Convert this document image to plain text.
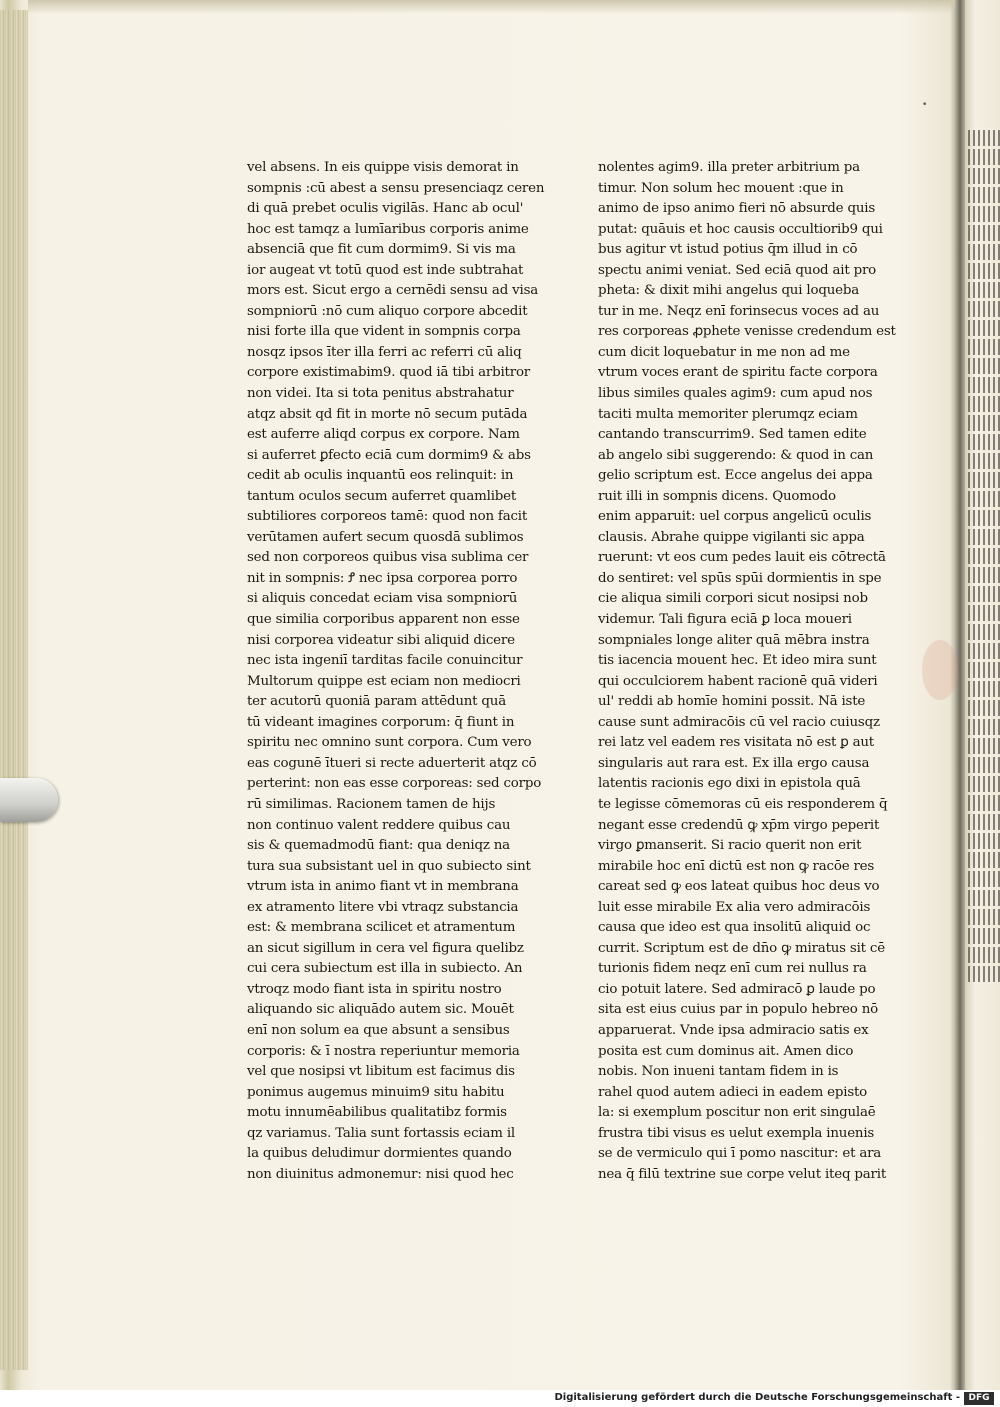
•
vel absens. In eis quippe visis demorat in
sompnis :cū abest a sensu presenciaqz ceren
di quā prebet oculis vigilās. Hanc ab ocul'
hoc est tamqz a lumīaribus corporis anime
absenciā que fit cum dormim9. Si vis ma
ior augeat vt totū quod est inde subtrahat
mors est. Sicut ergo a cernēdi sensu ad visa
sompniorū :nō cum aliquo corpore abcedit
nisi forte illa que vident in sompnis corpa
nosqz ipsos īter illa ferri ac referri cū aliq
corpore existimabim9. quod iā tibi arbitror
non videi. Ita si tota penitus abstrahatur
atqz absit qd fit in morte nō secum putāda
est auferre aliqd corpus ex corpore. Nam
si auferret ꝑfecto eciā cum dormim9 & abs
cedit ab oculis inquantū eos relinquit: in
tantum oculos secum auferret quamlibet
subtiliores corporeos tamē: quod non facit
verūtamen aufert secum quosdā sublimos
sed non corporeos quibus visa sublima cer
nit in sompnis: Ꝭ nec ipsa corporea porro
si aliquis concedat eciam visa sompniorū
que similia corporibus apparent non esse
nisi corporea videatur sibi aliquid dicere
nec ista ingeniī tarditas facile conuincitur
Multorum quippe est eciam non mediocri
ter acutorū quoniā param attēdunt quā
tū videant imagines corporum: q̄ fiunt in
spiritu nec omnino sunt corpora. Cum vero
eas cogunē ītueri si recte aduerterit atqz cō
perterint: non eas esse corporeas: sed corpo
rū similimas. Racionem tamen de hijs
non continuo valent reddere quibus cau
sis & quemadmodū fiant: qua deniqz na
tura sua subsistant uel in quo subiecto sint
vtrum ista in animo fiant vt in membrana
ex atramento litere vbi vtraqz substancia
est: & membrana scilicet et atramentum
an sicut sigillum in cera vel figura quelibz
cui cera subiectum est illa in subiecto. An
vtroqz modo fiant ista in spiritu nostro
aliquando sic aliquādo autem sic. Mouēt
enī non solum ea que absunt a sensibus
corporis: & ī nostra reperiuntur memoria
vel que nosipsi vt libitum est facimus dis
ponimus augemus minuim9 situ habitu
motu innumēabilibus qualitatibz formis
qz variamus. Talia sunt fortassis eciam il
la quibus deludimur dormientes quando
non diuinitus admonemur: nisi quod hec
nolentes agim9. illa preter arbitrium pa
timur. Non solum hec mouent :que in
animo de ipso animo fieri nō absurde quis
putat: quāuis et hoc causis occultiorib9 qui
bus agitur vt istud potius q̄m illud in cō
spectu animi veniat. Sed eciā quod ait pro
pheta: & dixit mihi angelus qui loqueba
tur in me. Neqz enī forinsecus voces ad au
res corporeas ꝓphete venisse credendum est
cum dicit loquebatur in me non ad me
vtrum voces erant de spiritu facte corpora
libus similes quales agim9: cum apud nos
taciti multa memoriter plerumqz eciam
cantando transcurrim9. Sed tamen edite
ab angelo sibi suggerendo: & quod in can
gelio scriptum est. Ecce angelus dei appa
ruit illi in sompnis dicens. Quomodo
enim apparuit: uel corpus angelicū oculis
clausis. Abrahe quippe vigilanti sic appa
ruerunt: vt eos cum pedes lauit eis cōtrectā
do sentiret: vel spūs spūi dormientis in spe
cie aliqua simili corpori sicut nosipsi nob
videmur. Tali figura eciā ꝑ loca moueri
sompniales longe aliter quā mēbra instra
tis iacencia mouent hec. Et ideo mira sunt
qui occulciorem habent racionē quā videri
ul' reddi ab homīe homini possit. Nā iste
cause sunt admiracōis cū vel racio cuiusqz
rei latz vel eadem res visitata nō est ꝑ aut
singularis aut rara est. Ex illa ergo causa
latentis racionis ego dixi in epistola quā
te legisse cōmemoras cū eis responderem q̄
negant esse credendū ꝙ xp̄m virgo peperit
virgo ꝑmanserit. Si racio querit non erit
mirabile hoc enī dictū est non ꝙ racōe res
careat sed ꝙ eos lateat quibus hoc deus vo
luit esse mirabile Ex alia vero admiracōis
causa que ideo est qua insolitū aliquid oc
currit. Scriptum est de dn̄o ꝙ miratus sit cē
turionis fidem neqz enī cum rei nullus ra
cio potuit latere. Sed admiracō ꝑ laude po
sita est eius cuius par in populo hebreo nō
apparuerat. Vnde ipsa admiracio satis ex
posita est cum dominus ait. Amen dico
nobis. Non inueni tantam fidem in is
rahel quod autem adieci in eadem episto
la: si exemplum poscitur non erit singulaē
frustra tibi visus es uelut exempla inuenis
se de vermiculo qui ī pomo nascitur: et ara
nea q̄ filū textrine sue corpe velut iteq parit
Digitalisierung gefördert durch die Deutsche Forschungsgemeinschaft - DFG
